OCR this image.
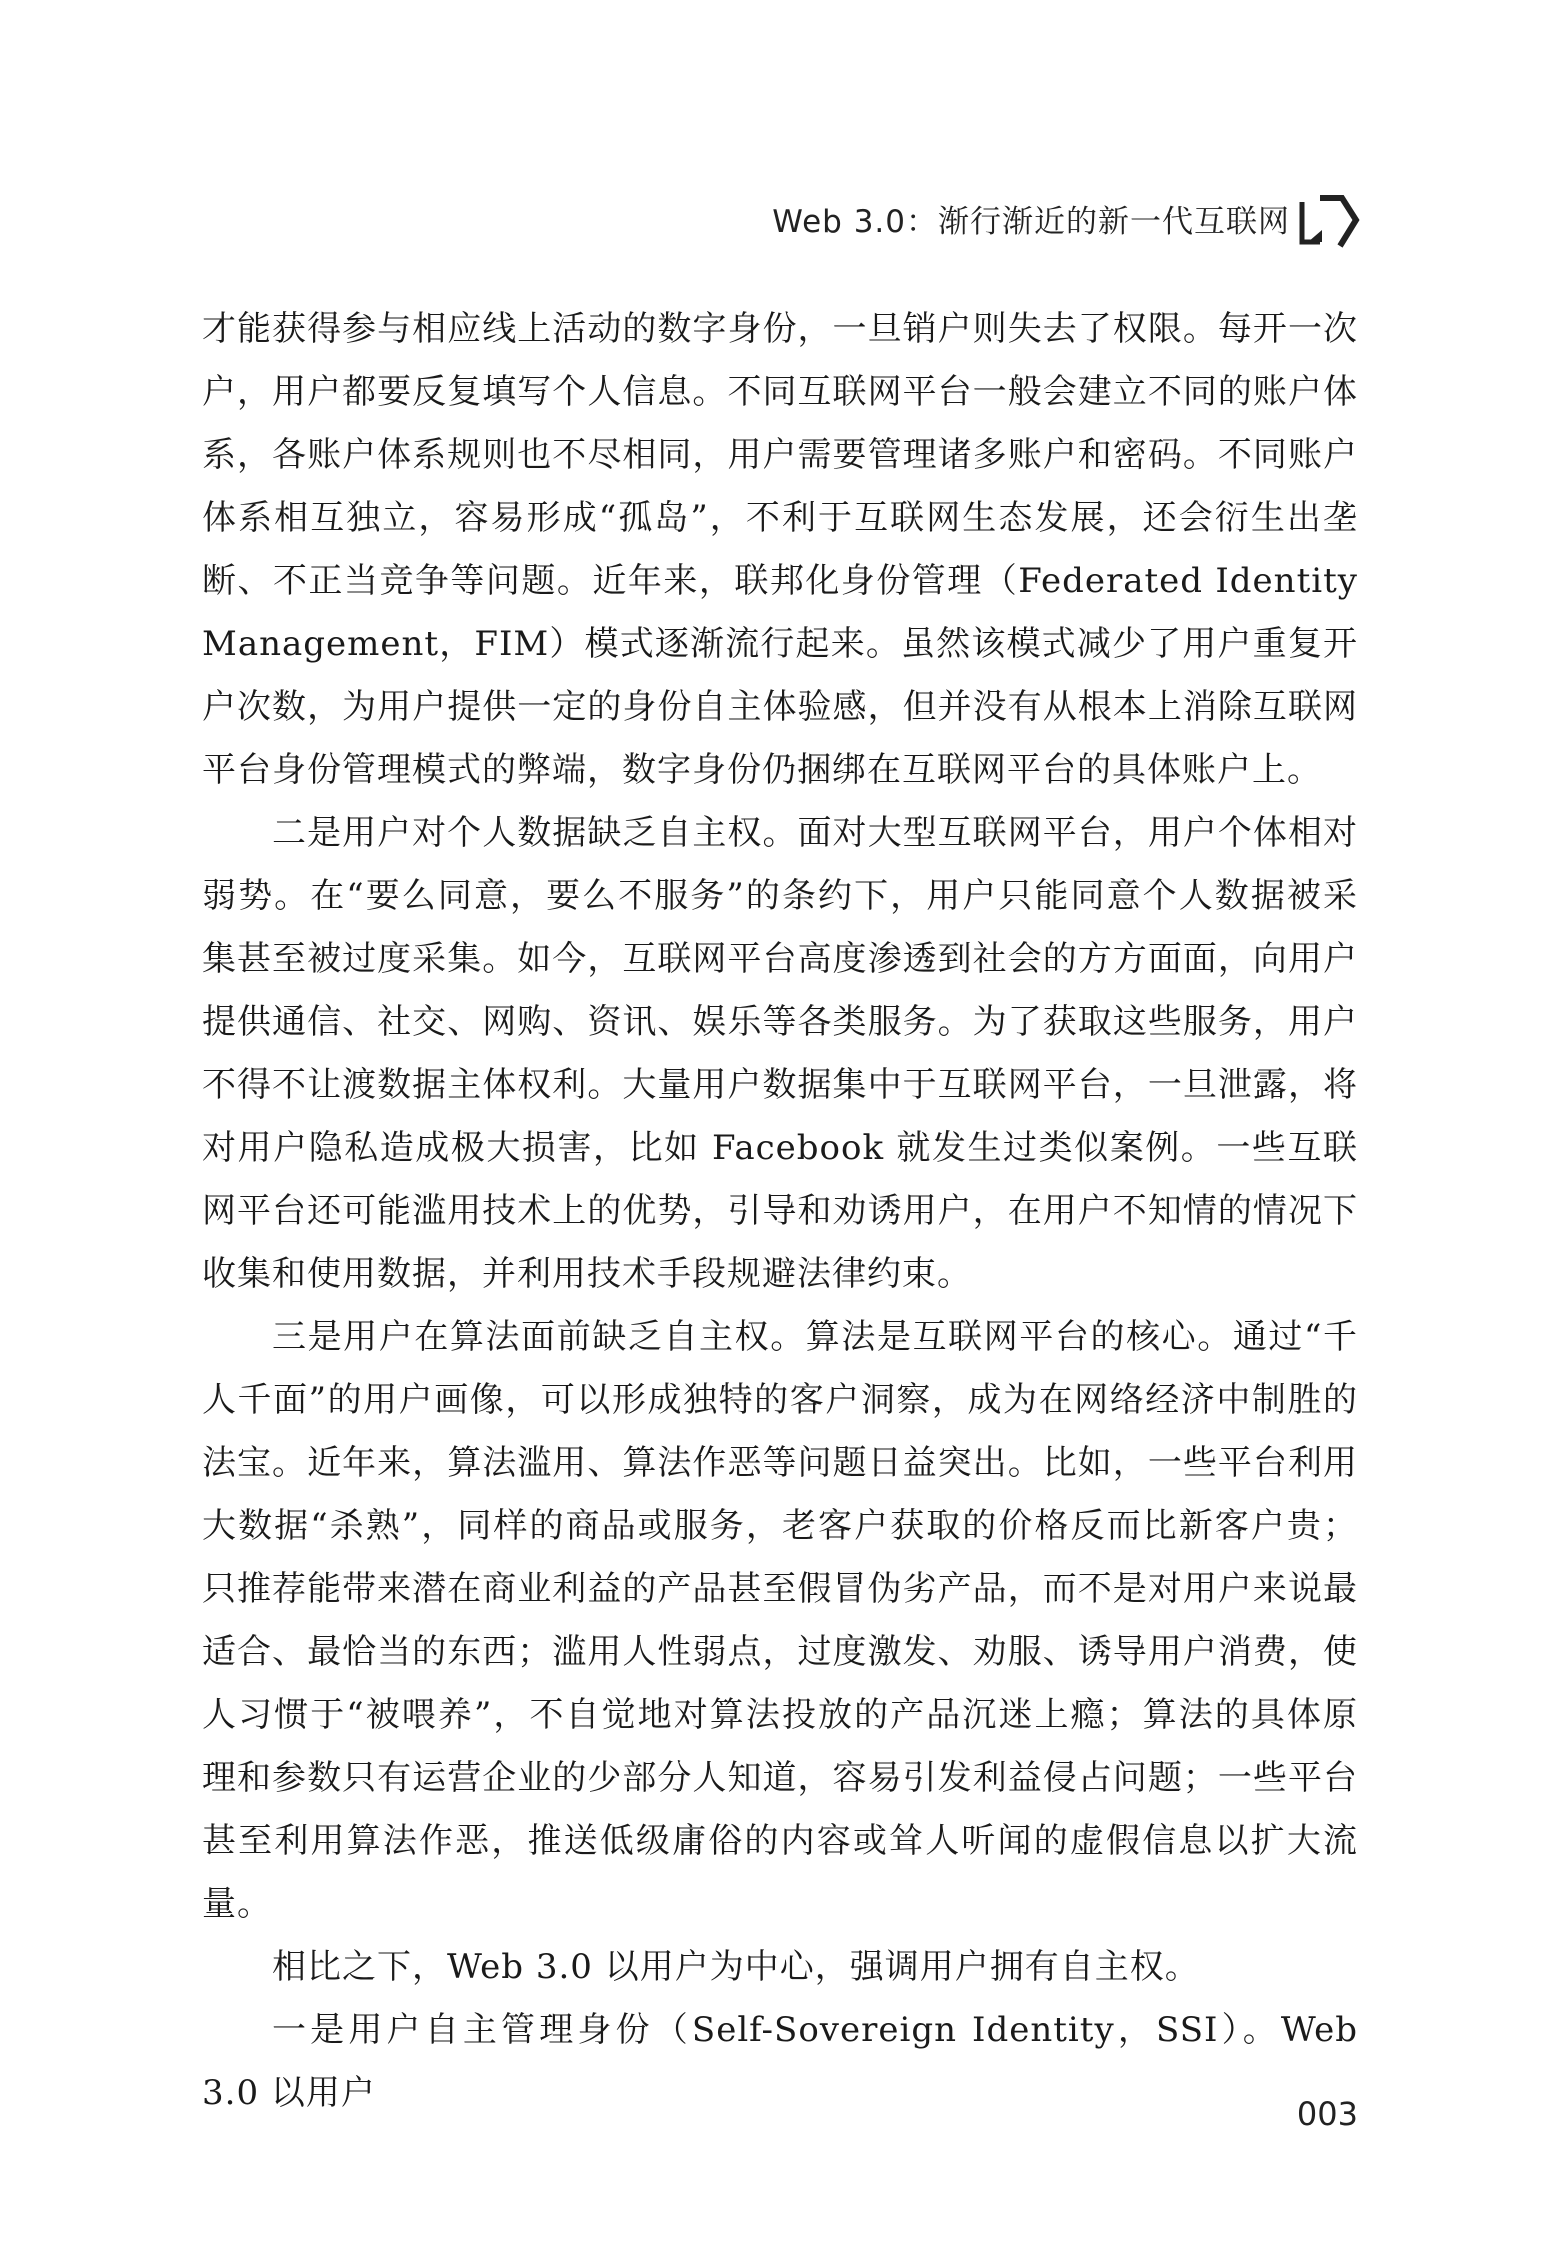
Web 3.0：渐行渐近的新一代互联网

才能获得参与相应线上活动的数字身份，一旦销户则失去了权限。每开一次户，用户都要反复填写个人信息。不同互联网平台一般会建立不同的账户体系，各账户体系规则也不尽相同，用户需要管理诸多账户和密码。不同账户体系相互独立，容易形成“孤岛”，不利于互联网生态发展，还会衍生出垄断、不正当竞争等问题。近年来，联邦化身份管理（Federated Identity Management，FIM）模式逐渐流行起来。虽然该模式减少了用户重复开户次数，为用户提供一定的身份自主体验感，但并没有从根本上消除互联网平台身份管理模式的弊端，数字身份仍捆绑在互联网平台的具体账户上。

二是用户对个人数据缺乏自主权。面对大型互联网平台，用户个体相对弱势。在“要么同意，要么不服务”的条约下，用户只能同意个人数据被采集甚至被过度采集。如今，互联网平台高度渗透到社会的方方面面，向用户提供通信、社交、网购、资讯、娱乐等各类服务。为了获取这些服务，用户不得不让渡数据主体权利。大量用户数据集中于互联网平台，一旦泄露，将对用户隐私造成极大损害，比如 Facebook 就发生过类似案例。一些互联网平台还可能滥用技术上的优势，引导和劝诱用户，在用户不知情的情况下收集和使用数据，并利用技术手段规避法律约束。

三是用户在算法面前缺乏自主权。算法是互联网平台的核心。通过“千人千面”的用户画像，可以形成独特的客户洞察，成为在网络经济中制胜的法宝。近年来，算法滥用、算法作恶等问题日益突出。比如，一些平台利用大数据“杀熟”，同样的商品或服务，老客户获取的价格反而比新客户贵；只推荐能带来潜在商业利益的产品甚至假冒伪劣产品，而不是对用户来说最适合、最恰当的东西；滥用人性弱点，过度激发、劝服、诱导用户消费，使人习惯于“被喂养”，不自觉地对算法投放的产品沉迷上瘾；算法的具体原理和参数只有运营企业的少部分人知道，容易引发利益侵占问题；一些平台甚至利用算法作恶，推送低级庸俗的内容或耸人听闻的虚假信息以扩大流量。

相比之下，Web 3.0 以用户为中心，强调用户拥有自主权。

一是用户自主管理身份（Self-Sovereign Identity，SSI）。Web 3.0 以用户

003
